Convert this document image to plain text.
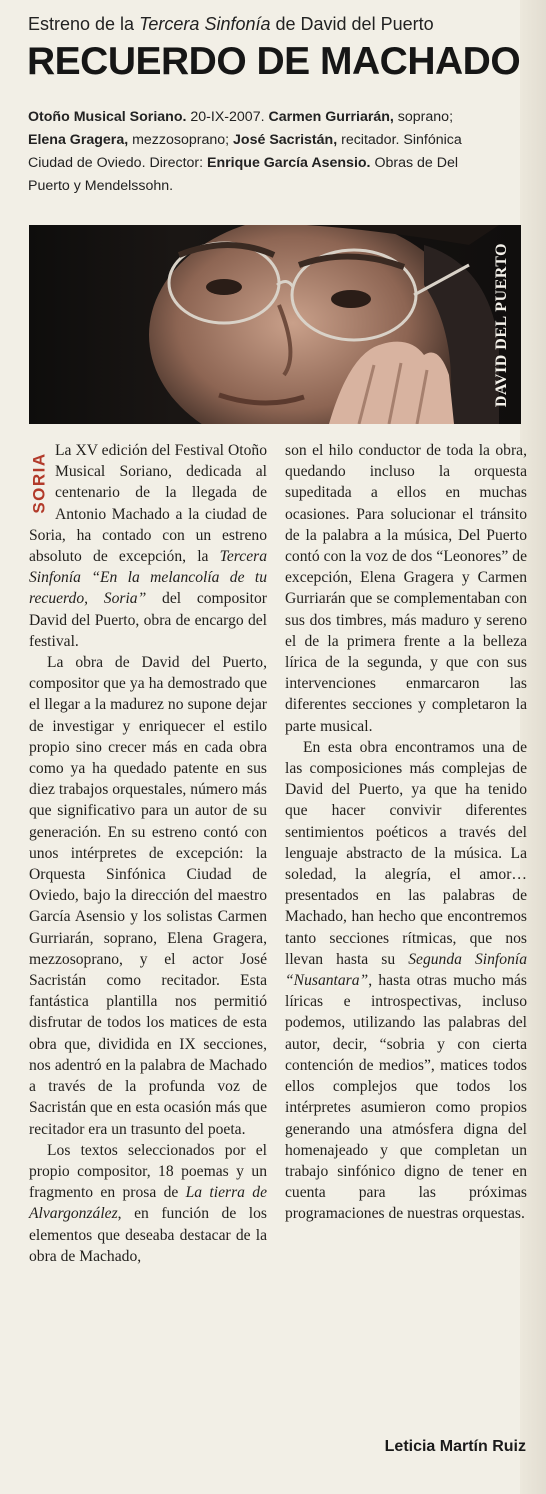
Estreno de la Tercera Sinfonía de David del Puerto
RECUERDO DE MACHADO
Otoño Musical Soriano. 20-IX-2007. Carmen Gurriarán, soprano; Elena Gragera, mezzosoprano; José Sacristán, recitador. Sinfónica Ciudad de Oviedo. Director: Enrique García Asensio. Obras de Del Puerto y Mendelssohn.
DAVID DEL PUERTO
SORIA

La XV edición del Festival Otoño Musical Soriano, dedicada al centenario de la llegada de Antonio Machado a la ciudad de Soria, ha contado con un estreno absoluto de excepción, la Tercera Sinfonía “En la melancolía de tu recuerdo, Soria” del compositor David del Puerto, obra de encargo del festival.

La obra de David del Puerto, compositor que ya ha demostrado que el llegar a la madurez no supone dejar de investigar y enriquecer el estilo propio sino crecer más en cada obra como ya ha quedado patente en sus diez trabajos orquestales, número más que significativo para un autor de su generación. En su estreno contó con unos intérpretes de excepción: la Orquesta Sinfónica Ciudad de Oviedo, bajo la dirección del maestro García Asensio y los solistas Carmen Gurriarán, soprano, Elena Gragera, mezzosoprano, y el actor José Sacristán como recitador. Esta fantástica plantilla nos permitió disfrutar de todos los matices de esta obra que, dividida en IX secciones, nos adentró en la palabra de Machado a través de la profunda voz de Sacristán que en esta ocasión más que recitador era un trasunto del poeta.

Los textos seleccionados por el propio compositor, 18 poemas y un fragmento en prosa de La tierra de Alvargonzález, en función de los elementos que deseaba destacar de la obra de Machado,

son el hilo conductor de toda la obra, quedando incluso la orquesta supeditada a ellos en muchas ocasiones. Para solucionar el tránsito de la palabra a la música, Del Puerto contó con la voz de dos “Leonores” de excepción, Elena Gragera y Carmen Gurriarán que se complementaban con sus dos timbres, más maduro y sereno el de la primera frente a la belleza lírica de la segunda, y que con sus intervenciones enmarcaron las diferentes secciones y completaron la parte musical.

En esta obra encontramos una de las composiciones más complejas de David del Puerto, ya que ha tenido que hacer convivir diferentes sentimientos poéticos a través del lenguaje abstracto de la música. La soledad, la alegría, el amor… presentados en las palabras de Machado, han hecho que encontremos tanto secciones rítmicas, que nos llevan hasta su Segunda Sinfonía “Nusantara”, hasta otras mucho más líricas e introspectivas, incluso podemos, utilizando las palabras del autor, decir, “sobria y con cierta contención de medios”, matices todos ellos complejos que todos los intérpretes asumieron como propios generando una atmósfera digna del homenajeado y que completan un trabajo sinfónico digno de tener en cuenta para las próximas programaciones de nuestras orquestas.

Leticia Martín Ruiz
